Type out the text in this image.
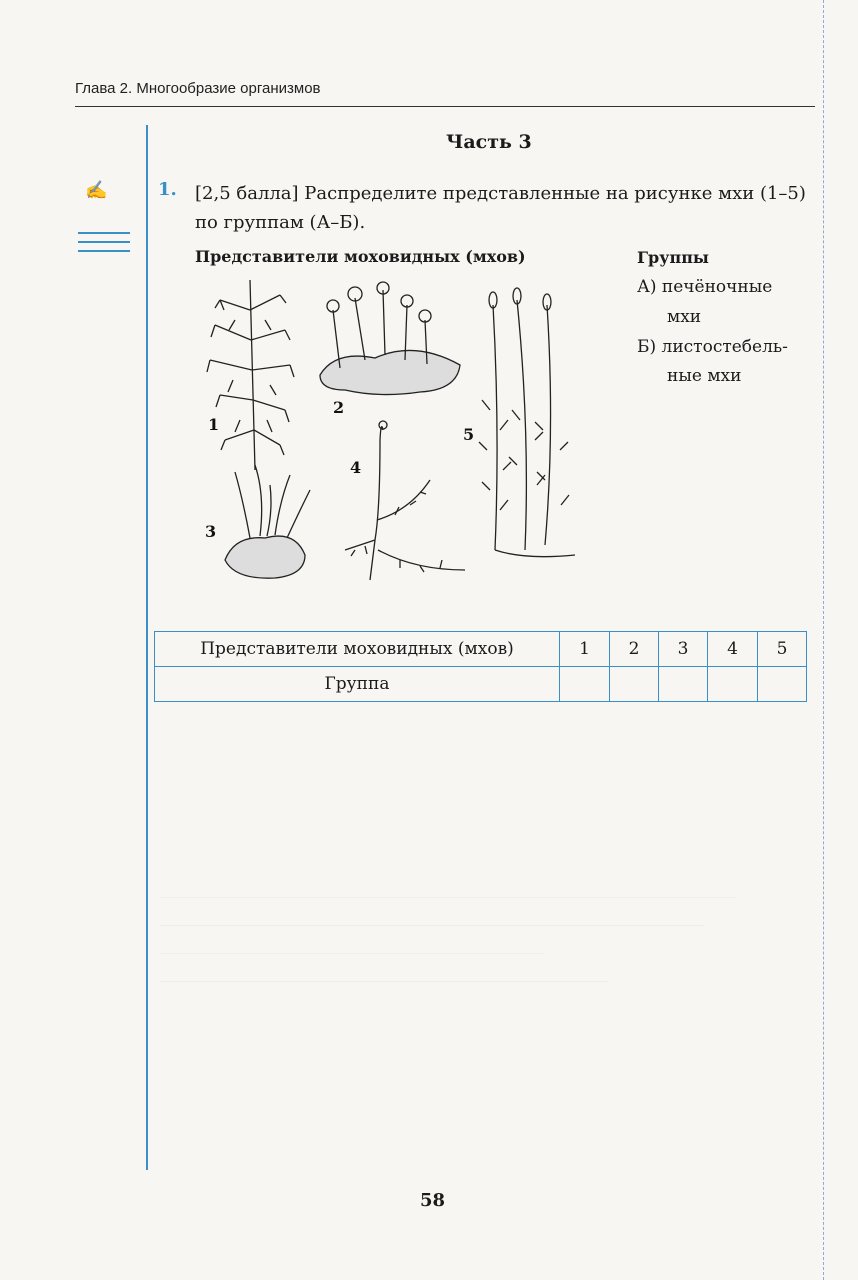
Глава 2. Многообразие организмов
Часть 3
✍	1. [2,5 балла] Распределите представленные на рисунке мхи (1–5) по группам (А–Б).
Представители моховидных (мхов)	Группы
А) печёночные
мхи
Б) листостебель-
ные мхи
1
2
3
4
5
Представители моховидных (мхов)	1	2	3	4	5
Группа					
58
